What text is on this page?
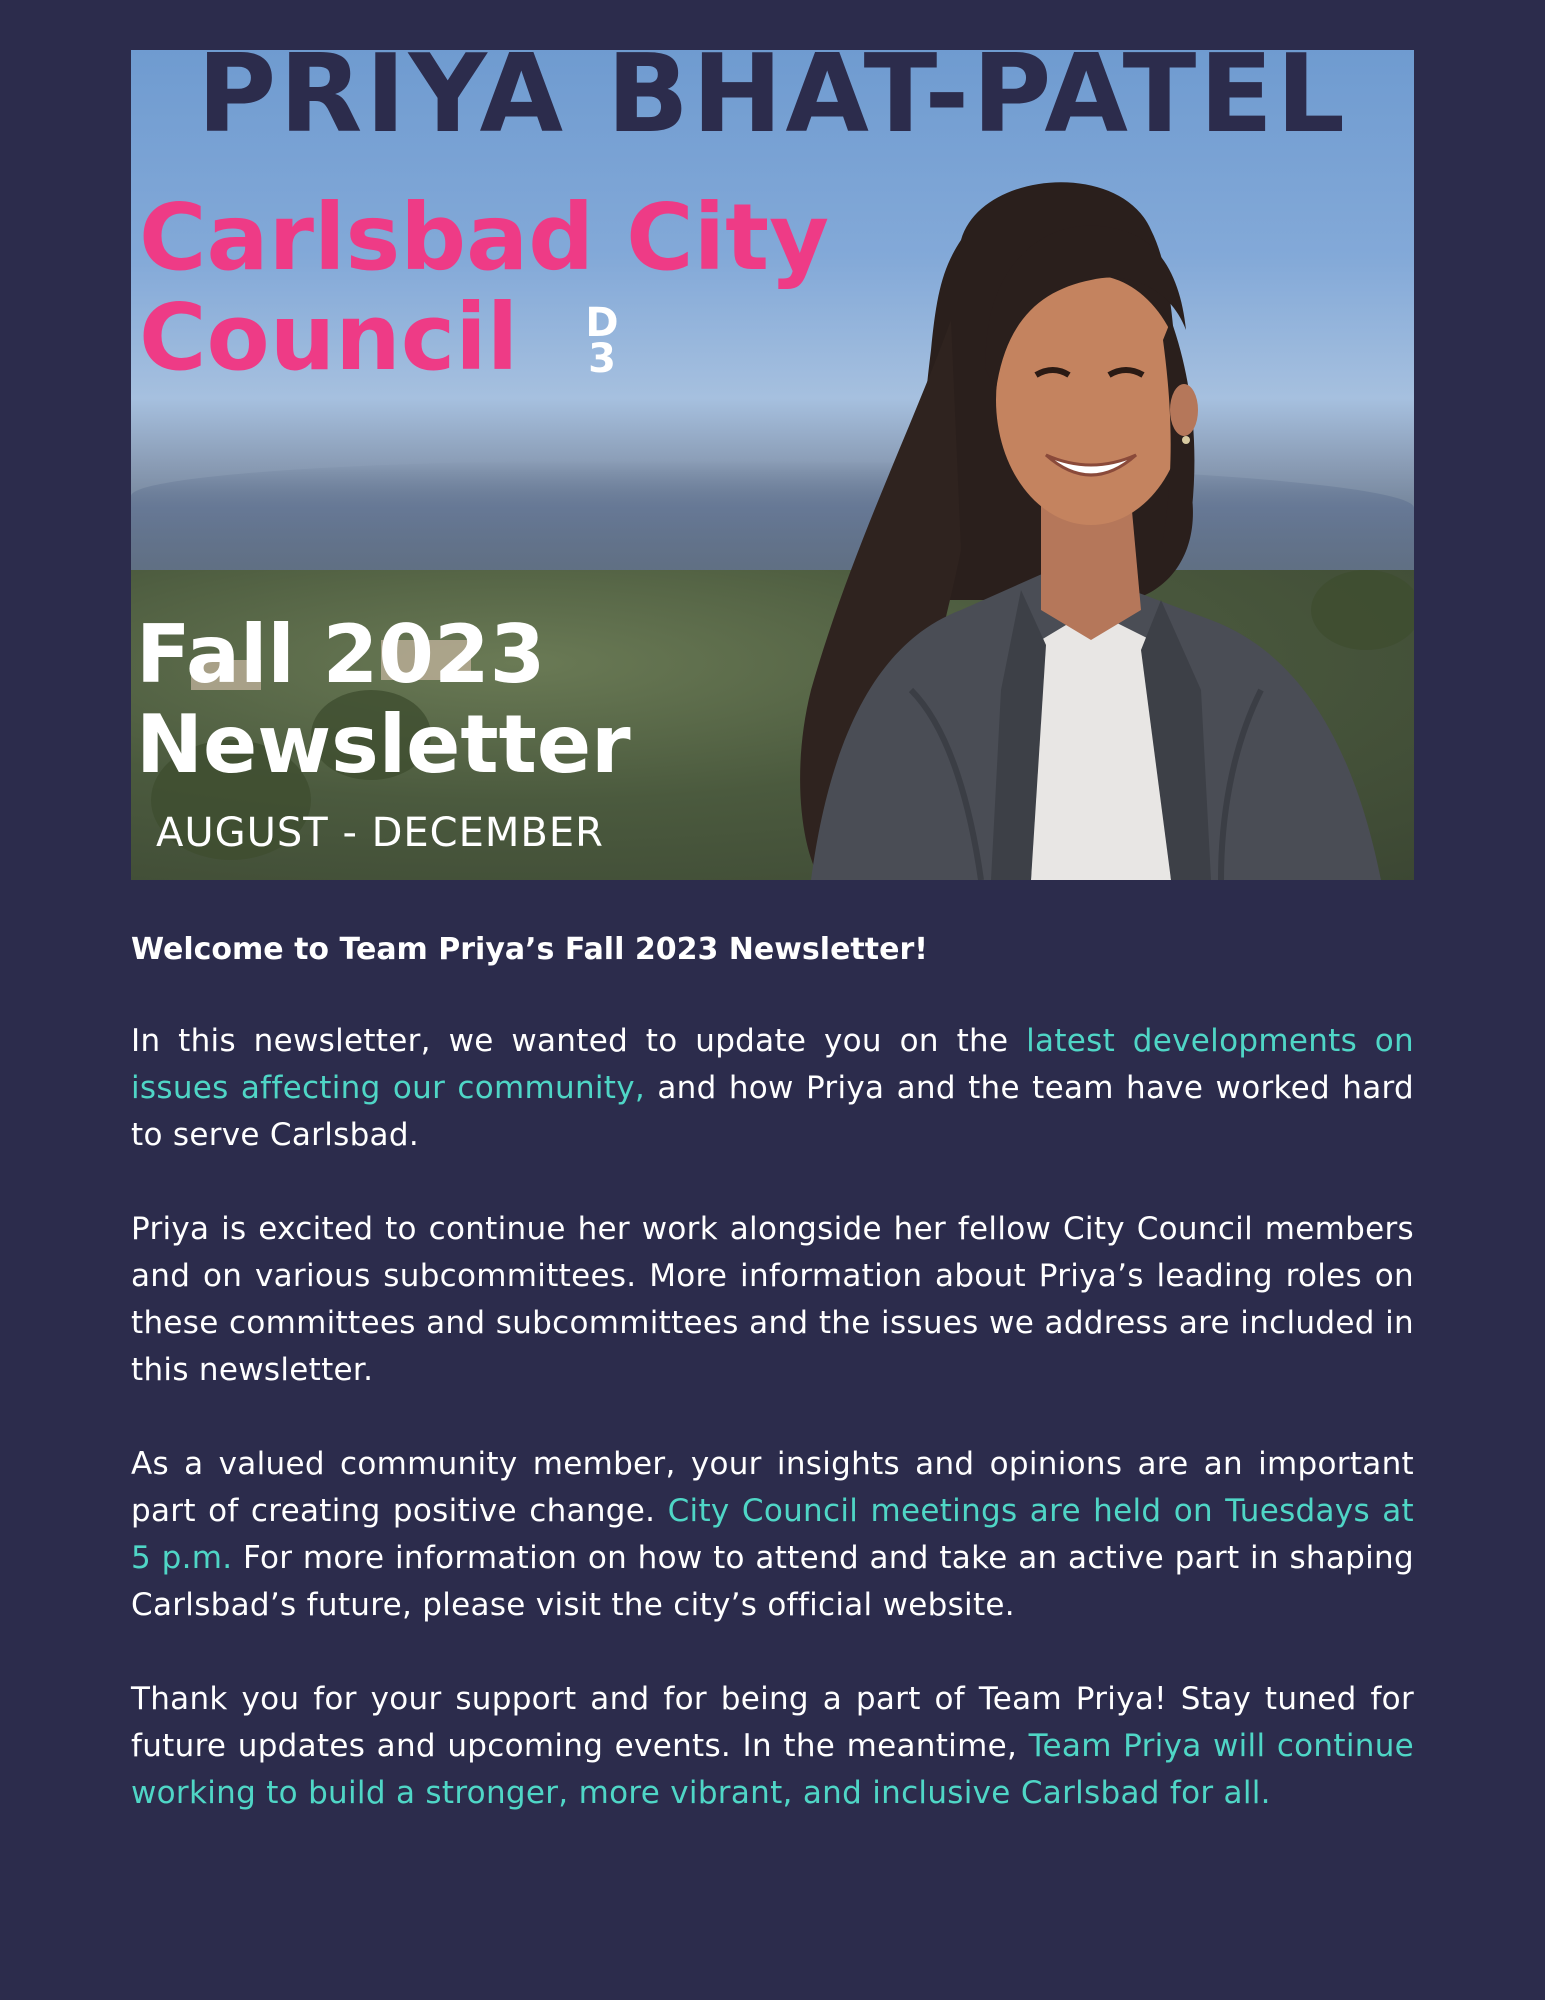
PRIYA BHAT-PATEL
Carlsbad City
Council	D
3
Fall 2023
Newsletter
AUGUST - DECEMBER

Welcome to Team Priya’s Fall 2023 Newsletter!

In this newsletter, we wanted to update you on the latest developments on issues affecting our community, and how Priya and the team have worked hard to serve Carlsbad.

Priya is excited to continue her work alongside her fellow City Council members and on various subcommittees. More information about Priya’s leading roles on these committees and subcommittees and the issues we address are included in this newsletter.

As a valued community member, your insights and opinions are an important part of creating positive change. City Council meetings are held on Tuesdays at 5 p.m. For more information on how to attend and take an active part in shaping Carlsbad’s future, please visit the city’s official website.

Thank you for your support and for being a part of Team Priya! Stay tuned for future updates and upcoming events. In the meantime, Team Priya will continue working to build a stronger, more vibrant, and inclusive Carlsbad for all.
